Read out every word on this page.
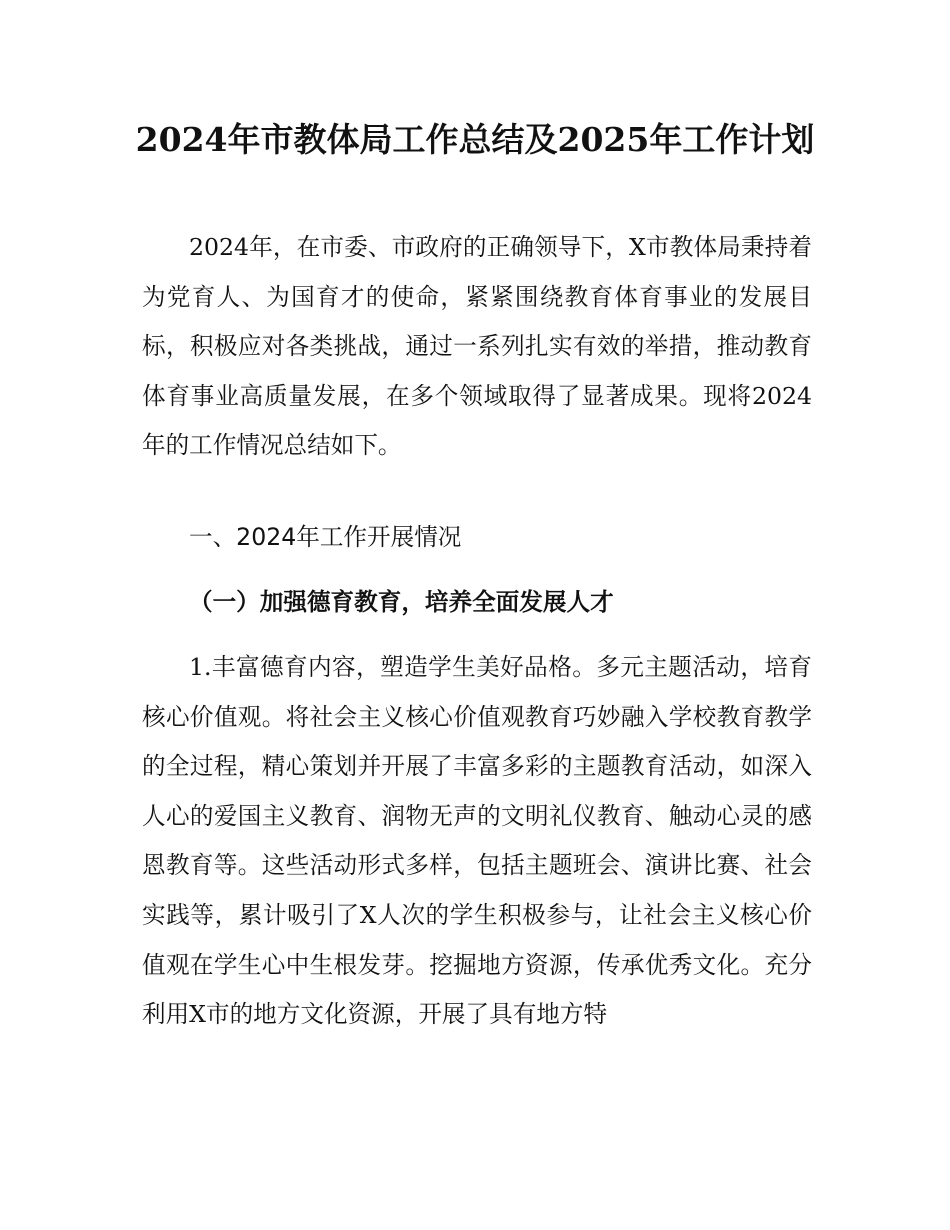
2024年市教体局工作总结及2025年工作计划

2024年，在市委、市政府的正确领导下，X市教体局秉持着为党育人、为国育才的使命，紧紧围绕教育体育事业的发展目标，积极应对各类挑战，通过一系列扎实有效的举措，推动教育体育事业高质量发展，在多个领域取得了显著成果。现将2024年的工作情况总结如下。

一、2024年工作开展情况
（一）加强德育教育，培养全面发展人才

1.丰富德育内容，塑造学生美好品格。多元主题活动，培育核心价值观。将社会主义核心价值观教育巧妙融入学校教育教学的全过程，精心策划并开展了丰富多彩的主题教育活动，如深入人心的爱国主义教育、润物无声的文明礼仪教育、触动心灵的感恩教育等。这些活动形式多样，包括主题班会、演讲比赛、社会实践等，累计吸引了X人次的学生积极参与，让社会主义核心价值观在学生心中生根发芽。挖掘地方资源，传承优秀文化。充分利用X市的地方文化资源，开展了具有地方特
